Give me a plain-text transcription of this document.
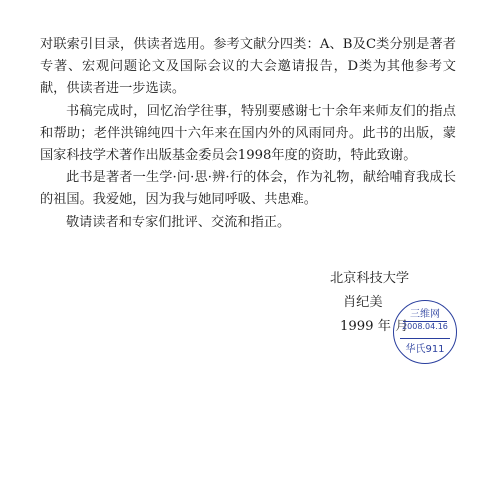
对联索引目录，供读者选用。参考文献分四类：A、B及C类分别是著者专著、宏观问题论文及国际会议的大会邀请报告，D类为其他参考文献，供读者进一步选读。

书稿完成时，回忆治学往事，特别要感谢七十余年来师友们的指点和帮助；老伴洪锦纯四十六年来在国内外的风雨同舟。此书的出版，蒙国家科技学术著作出版基金委员会1998年度的资助，特此致谢。

此书是著者一生学·问·思·辨·行的体会，作为礼物，献给哺育我成长的祖国。我爱她，因为我与她同呼吸、共患难。

敬请读者和专家们批评、交流和指正。

北京科技大学
肖纪美
1999 年 月
三维网
2008.04.16
华氏911
